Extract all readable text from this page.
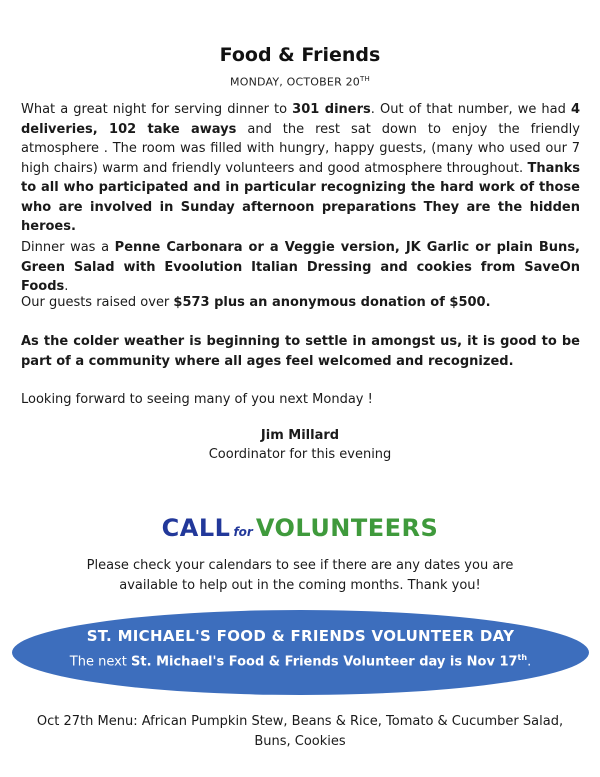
Food & Friends
MONDAY, OCTOBER 20TH
What a great night for serving dinner to 301 diners. Out of that number, we had 4 deliveries, 102 take aways and the rest sat down to enjoy the friendly atmosphere . The room was filled with hungry, happy guests, (many who used our 7 high chairs) warm and friendly volunteers and good atmosphere throughout. Thanks to all who participated and in particular recognizing the hard work of those who are involved in Sunday afternoon preparations They are the hidden heroes.
Dinner was a Penne Carbonara or a Veggie version, JK Garlic or plain Buns, Green Salad with Evoolution Italian Dressing and cookies from SaveOn Foods.
Our guests raised over $573 plus an anonymous donation of $500.
As the colder weather is beginning to settle in amongst us, it is good to be part of a community where all ages feel welcomed and recognized.
Looking forward to seeing many of you next Monday !
Jim Millard
Coordinator for this evening
CALL for VOLUNTEERS
Please check your calendars to see if there are any dates you are available to help out in the coming months. Thank you!
ST. MICHAEL'S FOOD & FRIENDS VOLUNTEER DAY
The next St. Michael's Food & Friends Volunteer day is Nov 17th.
Oct 27th Menu: African Pumpkin Stew, Beans & Rice, Tomato & Cucumber Salad, Buns, Cookies
